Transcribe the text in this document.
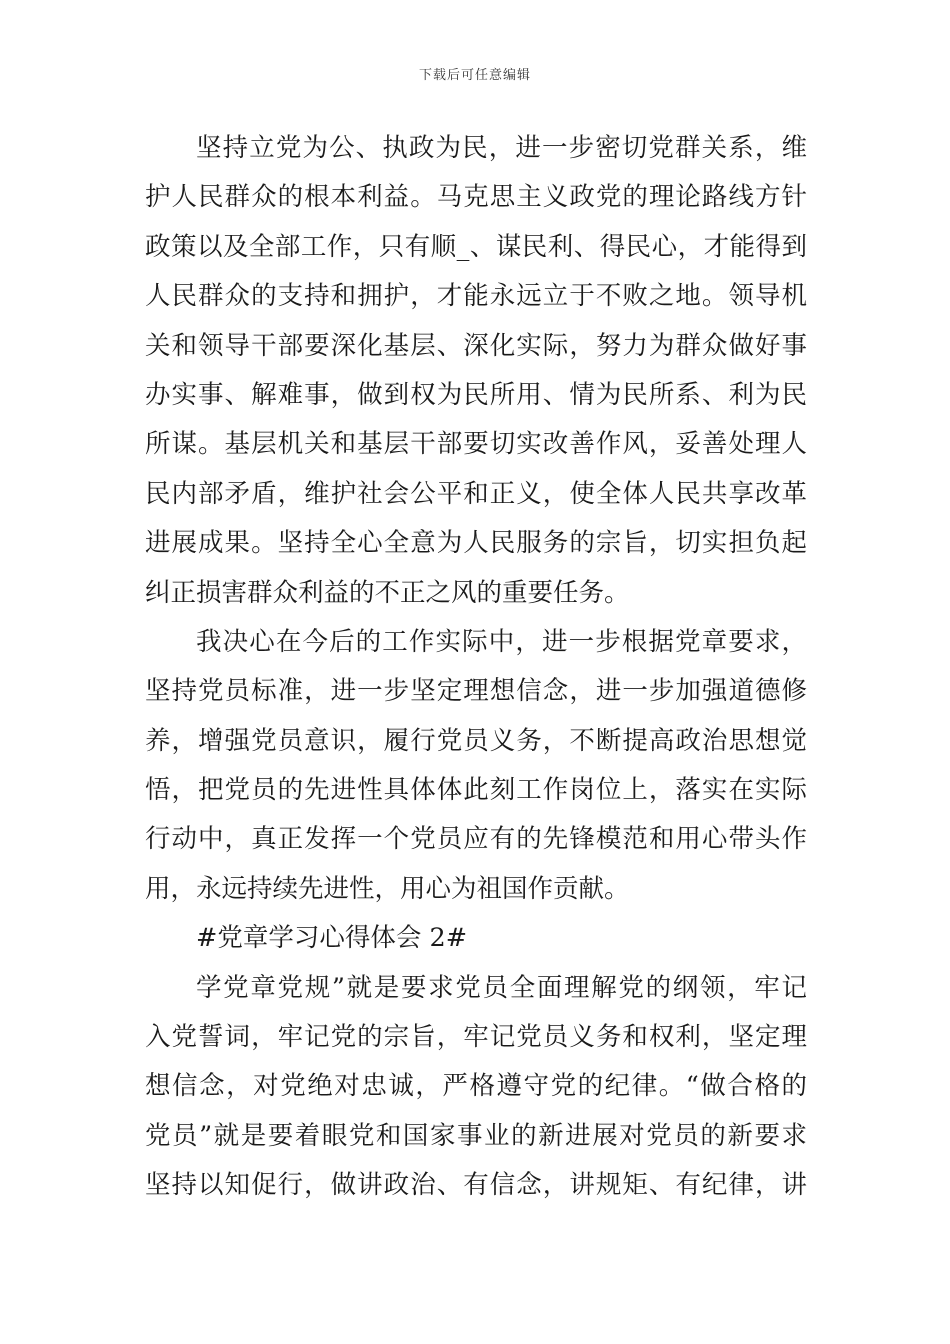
下载后可任意编辑
坚持立党为公、执政为民，进一步密切党群关系，维
护人民群众的根本利益。马克思主义政党的理论路线方针
政策以及全部工作，只有顺_、谋民利、得民心，才能得到
人民群众的支持和拥护，才能永远立于不败之地。领导机
关和领导干部要深化基层、深化实际，努力为群众做好事
办实事、解难事，做到权为民所用、情为民所系、利为民
所谋。基层机关和基层干部要切实改善作风，妥善处理人
民内部矛盾，维护社会公平和正义，使全体人民共享改革
进展成果。坚持全心全意为人民服务的宗旨，切实担负起
纠正损害群众利益的不正之风的重要任务。
我决心在今后的工作实际中，进一步根据党章要求，
坚持党员标准，进一步坚定理想信念，进一步加强道德修
养，增强党员意识，履行党员义务，不断提高政治思想觉
悟，把党员的先进性具体体此刻工作岗位上，落实在实际
行动中，真正发挥一个党员应有的先锋模范和用心带头作
用，永远持续先进性，用心为祖国作贡献。
#党章学习心得体会 2#
学党章党规”就是要求党员全面理解党的纲领，牢记
入党誓词，牢记党的宗旨，牢记党员义务和权利，坚定理
想信念，对党绝对忠诚，严格遵守党的纪律。“做合格的
党员”就是要着眼党和国家事业的新进展对党员的新要求
坚持以知促行，做讲政治、有信念，讲规矩、有纪律，讲
